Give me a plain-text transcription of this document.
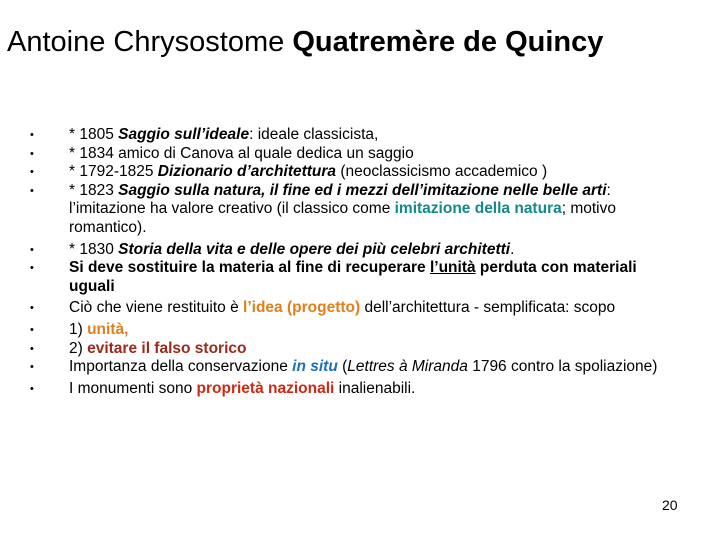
Antoine Chrysostome Quatremère de Quincy
• * 1805 Saggio sull’ideale: ideale classicista,
• * 1834 amico di Canova al quale dedica un saggio
• * 1792-1825 Dizionario d’architettura (neoclassicismo accademico )
• * 1823 Saggio sulla natura, il fine ed i mezzi dell’imitazione nelle belle arti: l’imitazione ha valore creativo (il classico come imitazione della natura; motivo romantico).
• * 1830 Storia della vita e delle opere dei più celebri architetti.
• Si deve sostituire la materia al fine di recuperare l’unità perduta con materiali uguali
• Ciò che viene restituito è l’idea (progetto) dell’architettura - semplificata: scopo
• 1) unità,
• 2) evitare il falso storico
• Importanza della conservazione in situ (Lettres à Miranda 1796 contro la spoliazione)
• I monumenti sono proprietà nazionali inalienabili.
20
